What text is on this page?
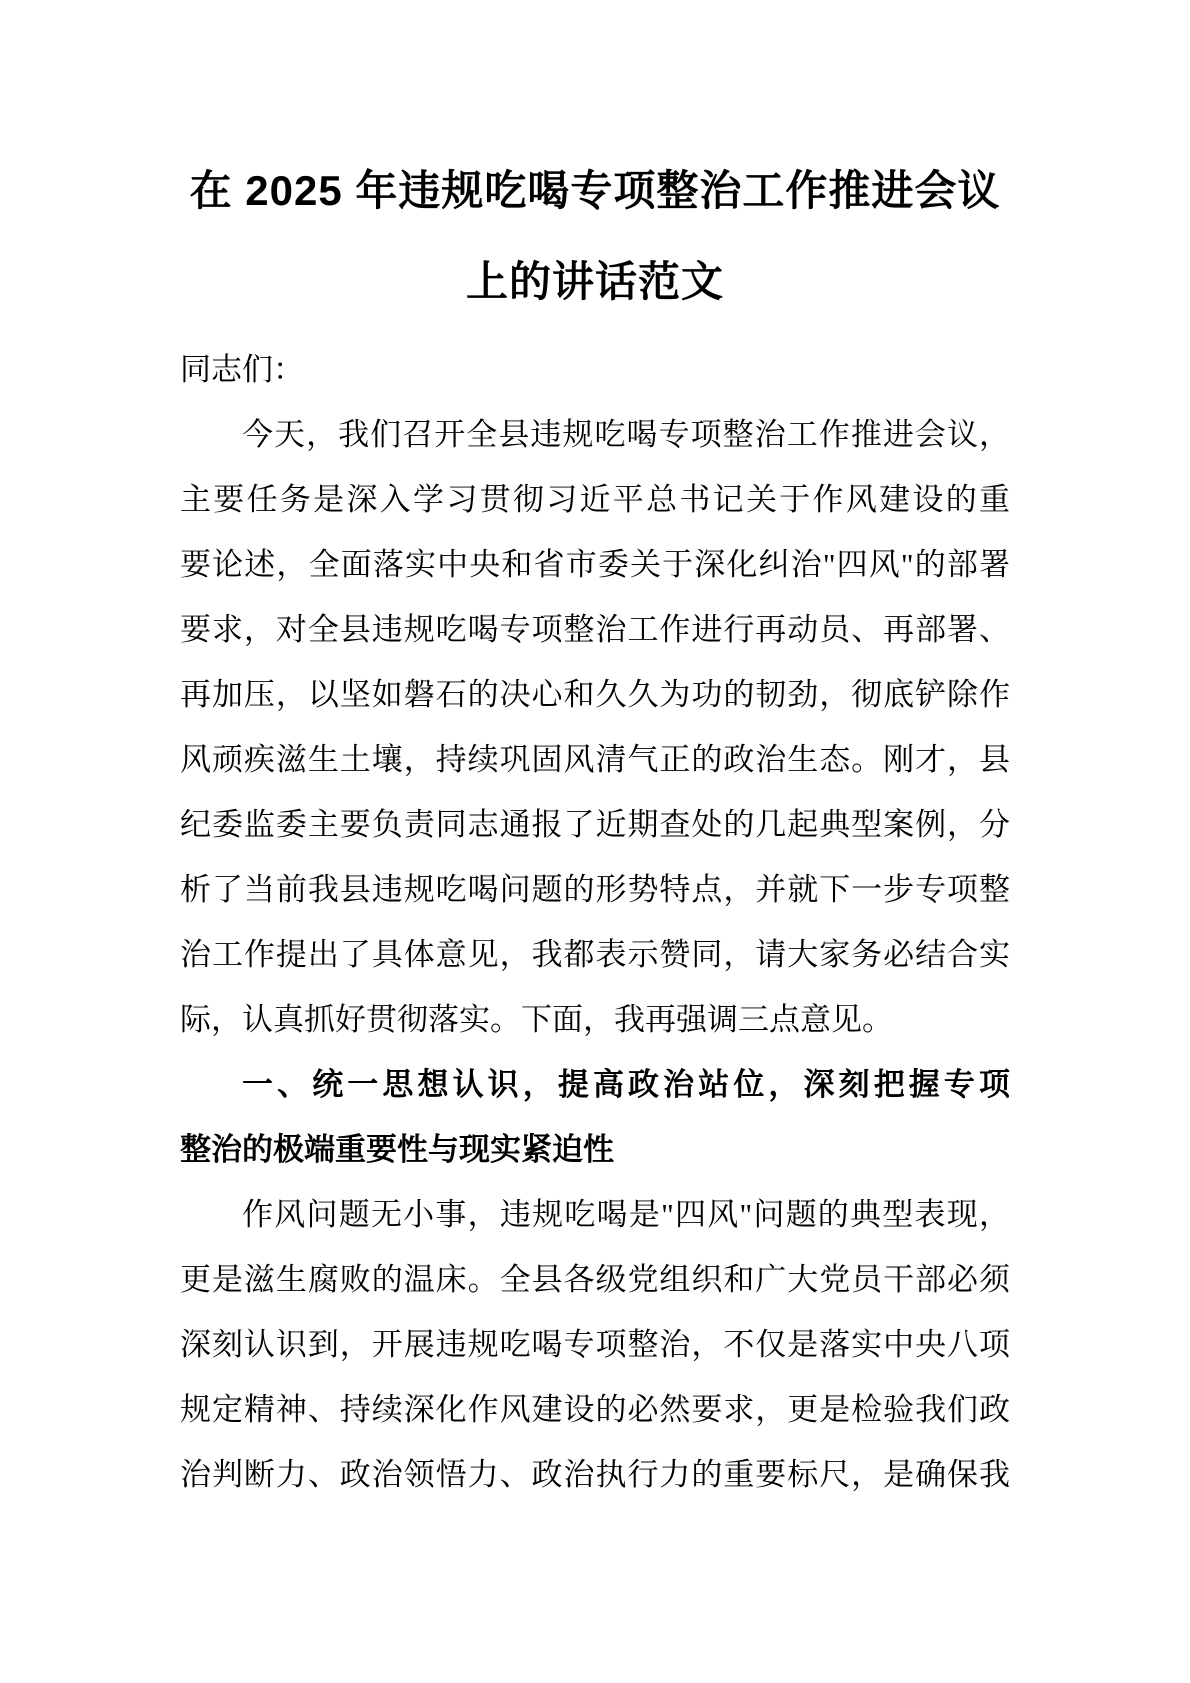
在 2025 年违规吃喝专项整治工作推进会议
上的讲话范文
同志们：
今天，我们召开全县违规吃喝专项整治工作推进会议，
主要任务是深入学习贯彻习近平总书记关于作风建设的重
要论述，全面落实中央和省市委关于深化纠治"四风"的部署
要求，对全县违规吃喝专项整治工作进行再动员、再部署、
再加压，以坚如磐石的决心和久久为功的韧劲，彻底铲除作
风顽疾滋生土壤，持续巩固风清气正的政治生态。刚才，县
纪委监委主要负责同志通报了近期查处的几起典型案例，分
析了当前我县违规吃喝问题的形势特点，并就下一步专项整
治工作提出了具体意见，我都表示赞同，请大家务必结合实
际，认真抓好贯彻落实。下面，我再强调三点意见。
一、统一思想认识，提高政治站位，深刻把握专项
整治的极端重要性与现实紧迫性
作风问题无小事，违规吃喝是"四风"问题的典型表现，
更是滋生腐败的温床。全县各级党组织和广大党员干部必须
深刻认识到，开展违规吃喝专项整治，不仅是落实中央八项
规定精神、持续深化作风建设的必然要求，更是检验我们政
治判断力、政治领悟力、政治执行力的重要标尺，是确保我
